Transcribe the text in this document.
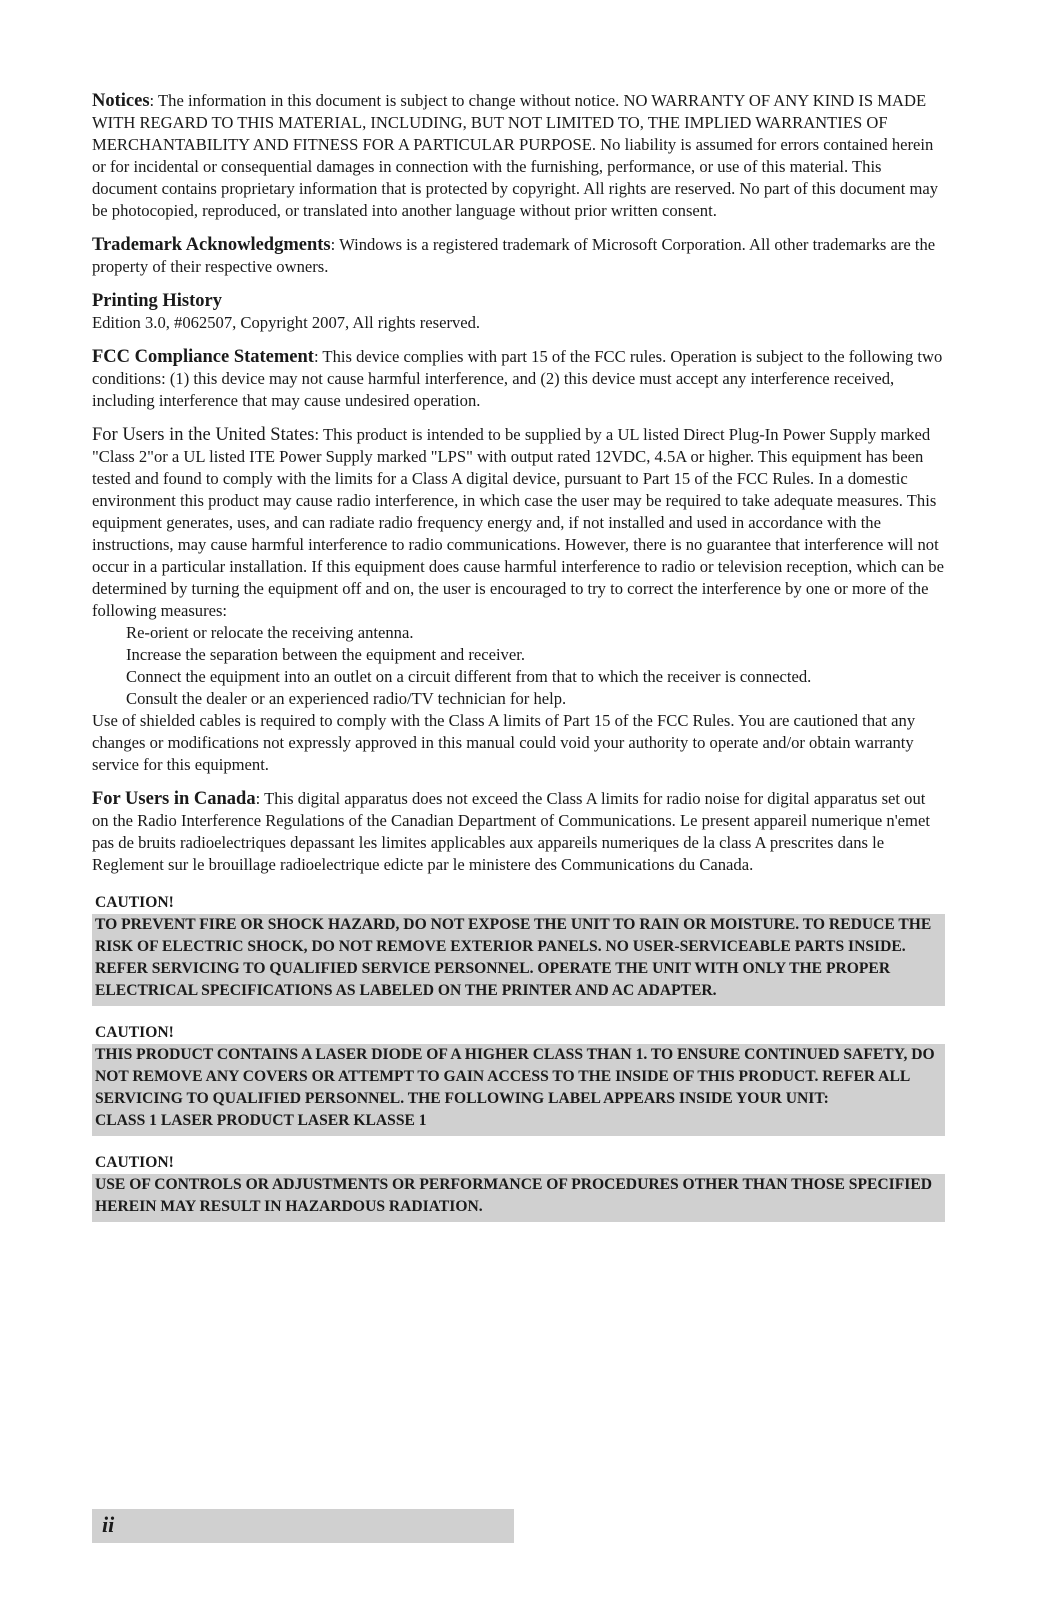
Notices: The information in this document is subject to change without notice. NO WARRANTY OF ANY KIND IS MADE WITH REGARD TO THIS MATERIAL, INCLUDING, BUT NOT LIMITED TO, THE IMPLIED WARRANTIES OF MERCHANTABILITY AND FITNESS FOR A PARTICULAR PURPOSE. No liability is assumed for errors contained herein or for incidental or consequential damages in connection with the furnishing, performance, or use of this material. This document contains proprietary information that is protected by copyright. All rights are reserved. No part of this document may be photocopied, reproduced, or translated into another language without prior written consent.

Trademark Acknowledgments: Windows is a registered trademark of Microsoft Corporation. All other trademarks are the property of their respective owners.

Printing History
Edition 3.0, #062507, Copyright 2007, All rights reserved.

FCC Compliance Statement: This device complies with part 15 of the FCC rules. Operation is subject to the following two conditions: (1) this device may not cause harmful interference, and (2) this device must accept any interference received, including interference that may cause undesired operation.

For Users in the United States: This product is intended to be supplied by a UL listed Direct Plug-In Power Supply marked "Class 2"or a UL listed ITE Power Supply marked "LPS" with output rated 12VDC, 4.5A or higher. This equipment has been tested and found to comply with the limits for a Class A digital device, pursuant to Part 15 of the FCC Rules. In a domestic environment this product may cause radio interference, in which case the user may be required to take adequate measures. This equipment generates, uses, and can radiate radio frequency energy and, if not installed and used in accordance with the instructions, may cause harmful interference to radio communications. However, there is no guarantee that interference will not occur in a particular installation. If this equipment does cause harmful interference to radio or television reception, which can be determined by turning the equipment off and on, the user is encouraged to try to correct the interference by one or more of the following measures:
Re-orient or relocate the receiving antenna.
Increase the separation between the equipment and receiver.
Connect the equipment into an outlet on a circuit different from that to which the receiver is connected.
Consult the dealer or an experienced radio/TV technician for help.
Use of shielded cables is required to comply with the Class A limits of Part 15 of the FCC Rules. You are cautioned that any changes or modifications not expressly approved in this manual could void your authority to operate and/or obtain warranty service for this equipment.

For Users in Canada: This digital apparatus does not exceed the Class A limits for radio noise for digital apparatus set out on the Radio Interference Regulations of the Canadian Department of Communications. Le present appareil numerique n'emet pas de bruits radioelectriques depassant les limites applicables aux appareils numeriques de la class A prescrites dans le Reglement sur le brouillage radioelectrique edicte par le ministere des Communications du Canada.

CAUTION!
TO PREVENT FIRE OR SHOCK HAZARD, DO NOT EXPOSE THE UNIT TO RAIN OR MOISTURE. TO REDUCE THE RISK OF ELECTRIC SHOCK, DO NOT REMOVE EXTERIOR PANELS. NO USER-SERVICEABLE PARTS INSIDE. REFER SERVICING TO QUALIFIED SERVICE PERSONNEL. OPERATE THE UNIT WITH ONLY THE PROPER ELECTRICAL SPECIFICATIONS AS LABELED ON THE PRINTER AND AC ADAPTER.
CAUTION!
THIS PRODUCT CONTAINS A LASER DIODE OF A HIGHER CLASS THAN 1. TO ENSURE CONTINUED SAFETY, DO NOT REMOVE ANY COVERS OR ATTEMPT TO GAIN ACCESS TO THE INSIDE OF THIS PRODUCT. REFER ALL SERVICING TO QUALIFIED PERSONNEL. THE FOLLOWING LABEL APPEARS INSIDE YOUR UNIT:
CLASS 1 LASER PRODUCT LASER KLASSE 1
CAUTION!
USE OF CONTROLS OR ADJUSTMENTS OR PERFORMANCE OF PROCEDURES OTHER THAN THOSE SPECIFIED HEREIN MAY RESULT IN HAZARDOUS RADIATION.
ii
